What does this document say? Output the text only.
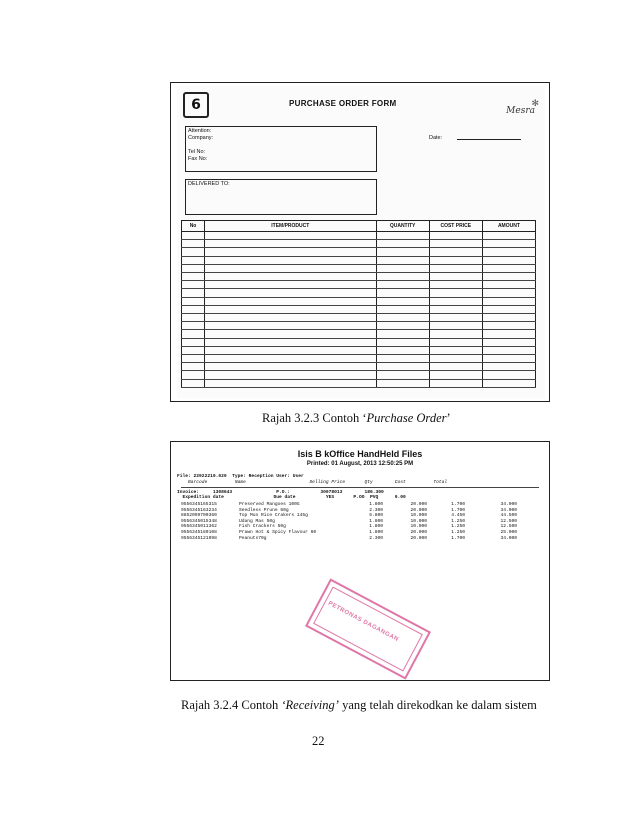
6	PURCHASE ORDER FORM	✻
Mesra
Attention:
Company:
Tel No:
Fax No:
Date:
DELIVERED TO:
No	ITEM/PRODUCT	QUANTITY	COST PRICE	AMOUNT

Rajah 3.2.3 Contoh ‘Purchase Order’
Isis B kOffice HandHeld Files
Printed: 01 August, 2013 12:50:25 PM
File: 22922210.020  Type: Reception User: User
Barcode          Name                       Selling Price       Qty        Cost          Total
Invoice:     1308643                P.O.:           30078013        186.300
Expedition date                  Due date           YES       P.OO  PVQ      0.00
9556345165315	Preserved Mangoes 100G	1.800	20.000	1.700	34.000
9556345163234	Seedless Prune 60g	2.300	20.000	1.700	34.000
8852099700360	Top Mun Rice Crakers 145g	5.800	10.000	4.450	44.500
9556345015348	Udang Mas 50g	1.800	10.000	1.250	12.500
9556345011362	Fish Crackers 50g	1.800	10.000	1.250	12.500
9556345180108	Prawn Hot & Spicy Flavour 60	1.800	20.000	1.250	25.000
9556345121098	Peanuts70g	2.300	20.000	1.700	34.000
PETRONAS DAGANGAN
Rajah 3.2.4 Contoh ‘Receiving’ yang telah direkodkan ke dalam sistem
22
